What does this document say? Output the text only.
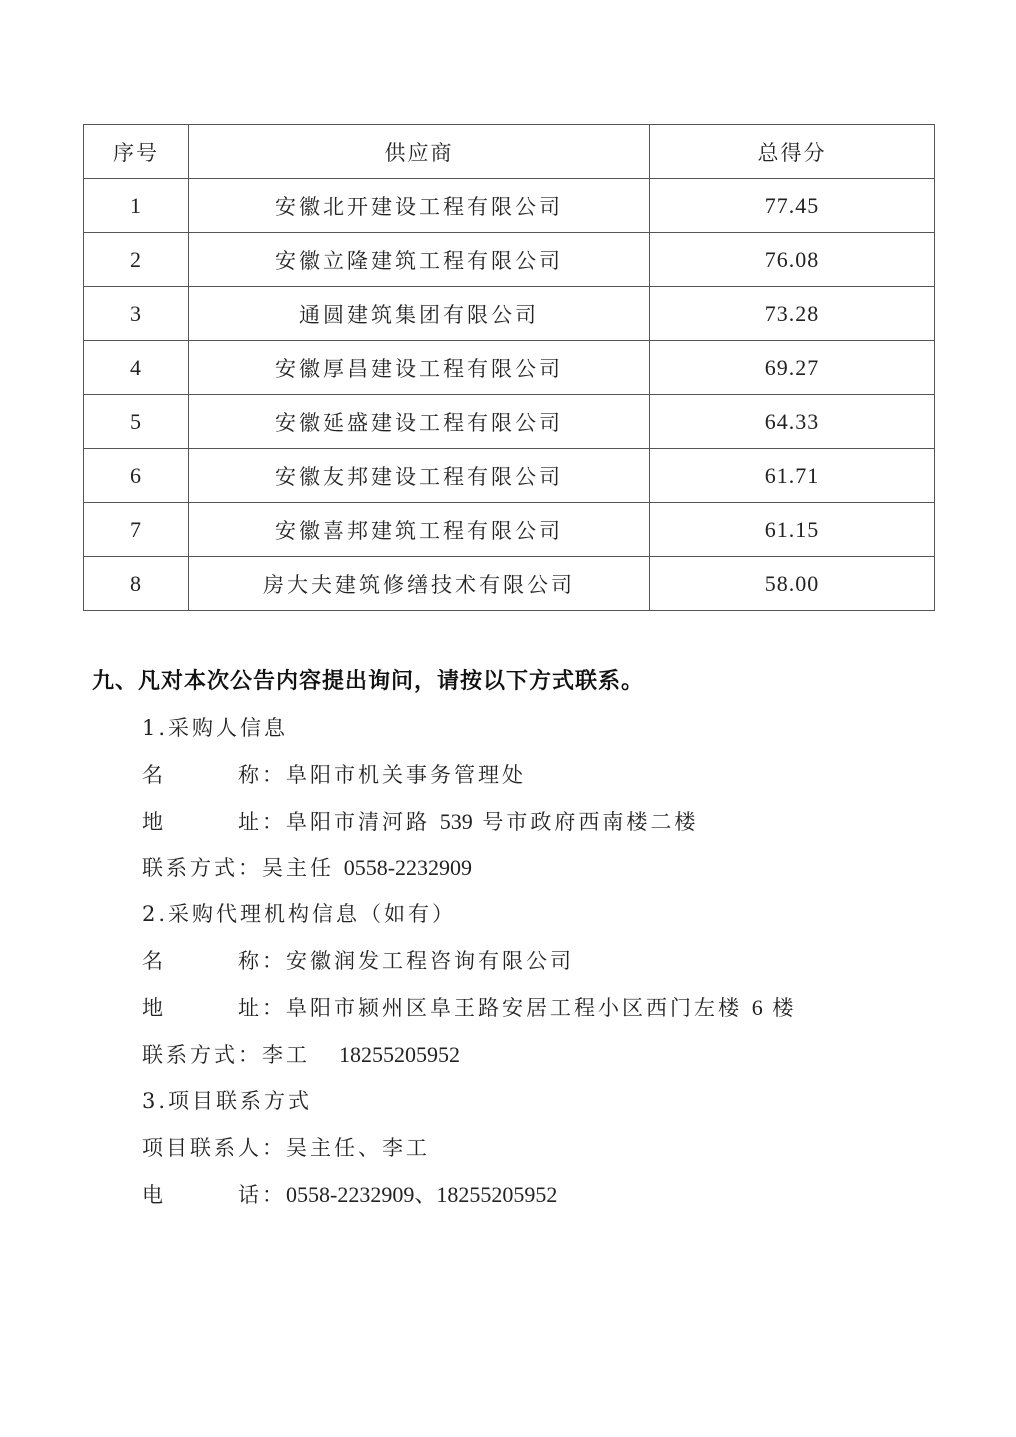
序号	供应商	总得分
1	安徽北开建设工程有限公司	77.45
2	安徽立隆建筑工程有限公司	76.08
3	通圆建筑集团有限公司	73.28
4	安徽厚昌建设工程有限公司	69.27
5	安徽延盛建设工程有限公司	64.33
6	安徽友邦建设工程有限公司	61.71
7	安徽喜邦建筑工程有限公司	61.15
8	房大夫建筑修缮技术有限公司	58.00
九、凡对本次公告内容提出询问，请按以下方式联系。
1.采购人信息
名	称：阜阳市机关事务管理处
地	址：阜阳市清河路 539 号市政府西南楼二楼
联系方式：吴主任 0558-2232909
2.采购代理机构信息（如有）
名	称：安徽润发工程咨询有限公司
地	址：阜阳市颍州区阜王路安居工程小区西门左楼 6 楼
联系方式：李工 18255205952
3.项目联系方式
项目联系人：吴主任、李工
电	话：0558-2232909、18255205952
